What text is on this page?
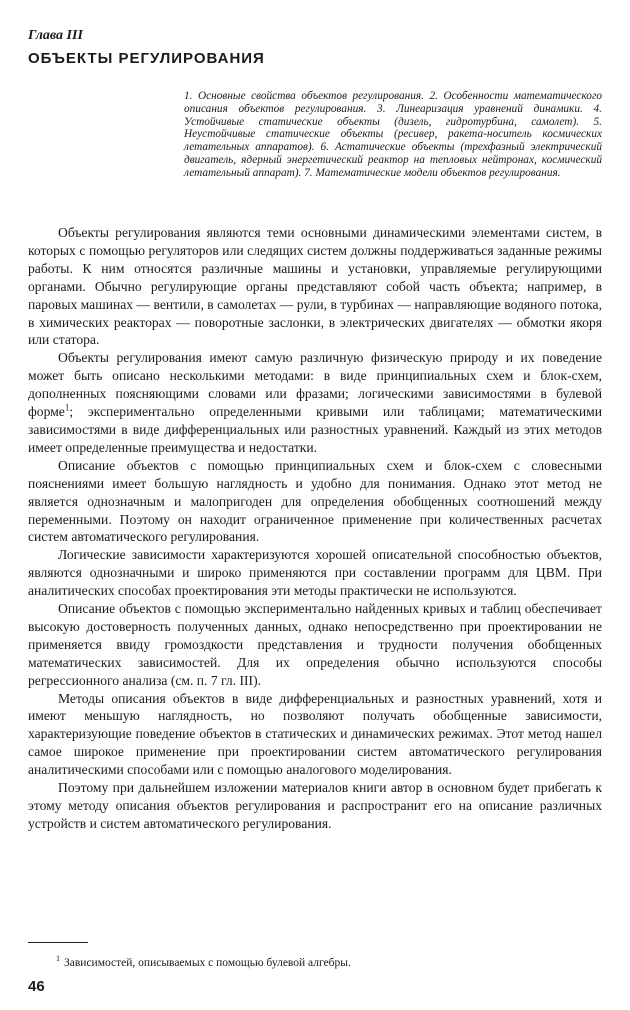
Глава III
ОБЪЕКТЫ РЕГУЛИРОВАНИЯ
1. Основные свойства объектов регулирования. 2. Особенности математического описания объектов регулирования. 3. Линеаризация уравнений динамики. 4. Устойчивые статические объекты (дизель, гидротурбина, самолет). 5. Неустойчивые статические объекты (ресивер, ракета-носитель космических летательных аппаратов). 6. Астатические объекты (трехфазный электрический двигатель, ядерный энергетический реактор на тепловых нейтронах, космический летательный аппарат). 7. Математические модели объектов регулирования.

Объекты регулирования являются теми основными динамическими элементами систем, в которых с помощью регуляторов или следящих систем должны поддерживаться заданные режимы работы. К ним относятся различные машины и установки, управляемые регулирующими органами. Обычно регулирующие органы представляют собой часть объекта; например, в паровых машинах — вентили, в самолетах — рули, в турбинах — направляющие водяного потока, в химических реакторах — поворотные заслонки, в электрических двигателях — обмотки якоря или статора.

Объекты регулирования имеют самую различную физическую природу и их поведение может быть описано несколькими методами: в виде принципиальных схем и блок-схем, дополненных поясняющими словами или фразами; логическими зависимостями в булевой форме$^1$; экспериментально определенными кривыми или таблицами; математическими зависимостями в виде дифференциальных или разностных уравнений. Каждый из этих методов имеет определенные преимущества и недостатки.

Описание объектов с помощью принципиальных схем и блок-схем с словесными пояснениями имеет большую наглядность и удобно для понимания. Однако этот метод не является однозначным и малопригоден для определения обобщенных соотношений между переменными. Поэтому он находит ограниченное применение при количественных расчетах систем автоматического регулирования.

Логические зависимости характеризуются хорошей описательной способностью объектов, являются однозначными и широко применяются при составлении программ для ЦВМ. При аналитических способах проектирования эти методы практически не используются.

Описание объектов с помощью экспериментально найденных кривых и таблиц обеспечивает высокую достоверность полученных данных, однако непосредственно при проектировании не применяется ввиду громоздкости представления и трудности получения обобщенных математических зависимостей. Для их определения обычно используются способы регрессионного анализа (см. п. 7 гл. III).

Методы описания объектов в виде дифференциальных и разностных уравнений, хотя и имеют меньшую наглядность, но позволяют получать обобщенные зависимости, характеризующие поведение объектов в статических и динамических режимах. Этот метод нашел самое широкое применение при проектировании систем автоматического регулирования аналитическими способами или с помощью аналогового моделирования.

Поэтому при дальнейшем изложении материалов книги автор в основном будет прибегать к этому методу описания объектов регулирования и распространит его на описание различных устройств и систем автоматического регулирования.

$^1$ Зависимостей, описываемых с помощью булевой алгебры.
46
